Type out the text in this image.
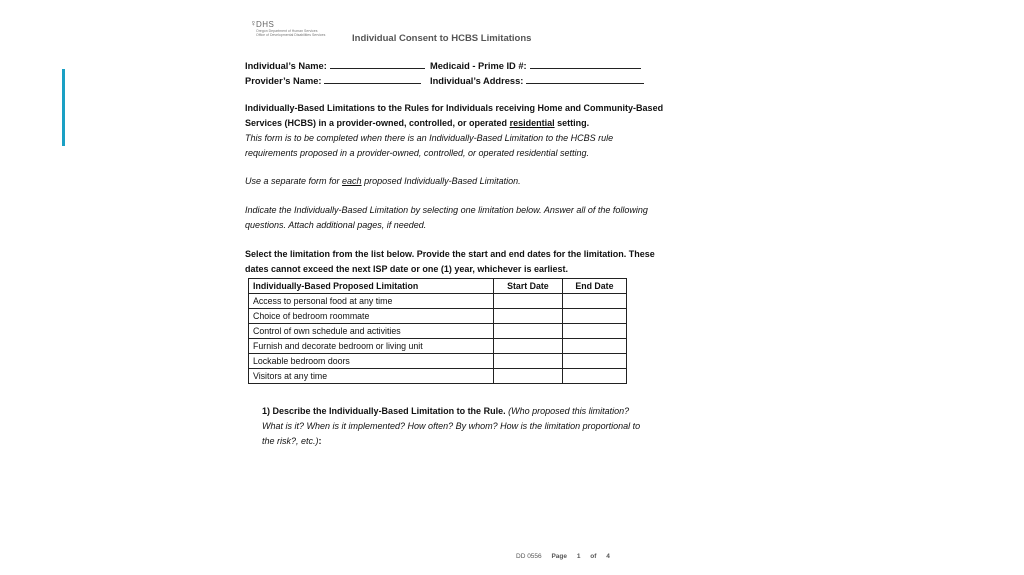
♀ DHS
Oregon Department of Human Services
Office of Developmental Disabilities Services	Individual Consent to HCBS Limitations
Individual’s Name:	Medicaid - Prime ID #:
Provider’s Name:	Individual’s Address:
Individually-Based Limitations to the Rules for Individuals receiving Home and Community-Based Services (HCBS) in a provider-owned, controlled, or operated residential setting.
This form is to be completed when there is an Individually-Based Limitation to the HCBS rule requirements proposed in a provider-owned, controlled, or operated residential setting.
Use a separate form for each proposed Individually-Based Limitation.
Indicate the Individually-Based Limitation by selecting one limitation below. Answer all of the following questions. Attach additional pages, if needed.
Select the limitation from the list below. Provide the start and end dates for the limitation. These dates cannot exceed the next ISP date or one (1) year, whichever is earliest.
Individually-Based Proposed Limitation	Start Date	End Date
Access to personal food at any time		
Choice of bedroom roommate		
Control of own schedule and activities		
Furnish and decorate bedroom or living unit		
Lockable bedroom doors		
Visitors at any time		
1) Describe the Individually-Based Limitation to the Rule. (Who proposed this limitation? What is it? When is it implemented? How often? By whom? How is the limitation proportional to the risk?, etc.):
DD 0556 Page 1 of 4
